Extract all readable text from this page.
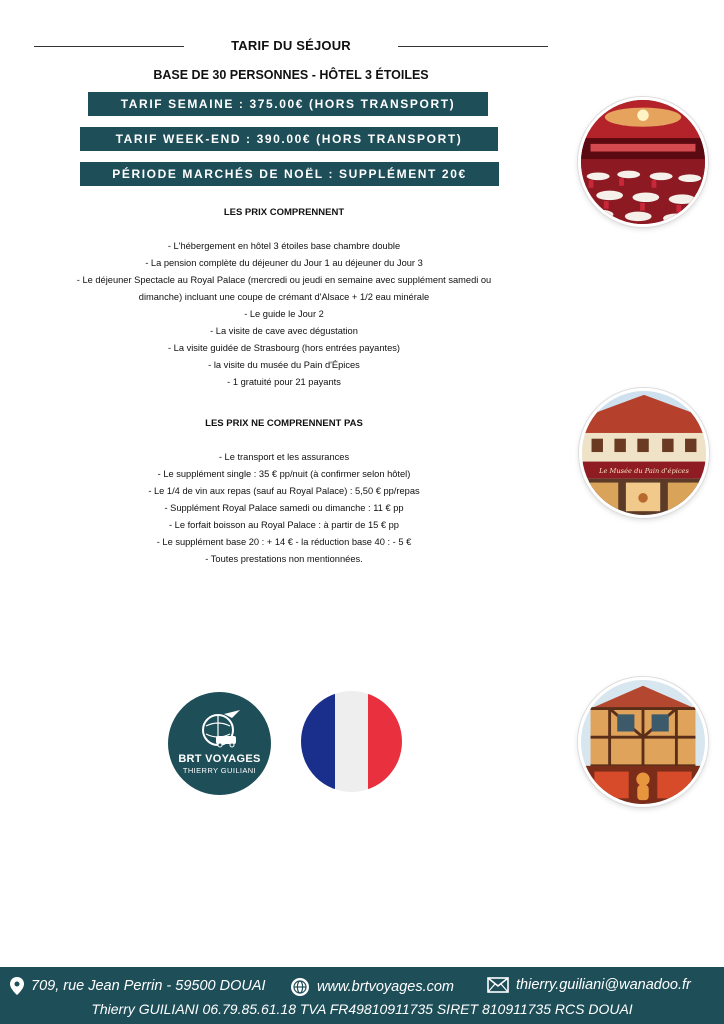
TARIF DU SÉJOUR
BASE DE 30 PERSONNES - HÔTEL 3 ÉTOILES
TARIF SEMAINE : 375.00€ (HORS TRANSPORT)
TARIF WEEK-END : 390.00€ (HORS TRANSPORT)
PÉRIODE MARCHÉS DE NOËL : SUPPLÉMENT 20€
LES PRIX COMPRENNENT
- L'hébergement en hôtel 3 étoiles base chambre double
- La pension complète du déjeuner du Jour 1 au déjeuner du Jour 3
- Le déjeuner Spectacle au Royal Palace (mercredi ou jeudi en semaine avec supplément samedi ou
dimanche) incluant une coupe de crémant d'Alsace + 1/2 eau minérale
- Le guide le Jour 2
- La visite de cave avec dégustation
- La visite guidée de Strasbourg (hors entrées payantes)
- la visite du musée du Pain d'Épices
- 1 gratuité pour 21 payants
LES PRIX NE COMPRENNENT PAS
- Le transport et les assurances
- Le supplément single : 35 € pp/nuit (à confirmer selon hôtel)
- Le 1/4 de vin aux repas (sauf au Royal Palace) : 5,50 € pp/repas
- Supplément Royal Palace samedi ou dimanche : 11 € pp
- Le forfait boisson au Royal Palace : à partir de 15 € pp
- Le supplément base 20 : + 14 € - la réduction base 40 : - 5 €
- Toutes prestations non mentionnées.
Le Musée du Pain d'épices
BRT VOYAGES
THIERRY GUILIANI
709, rue Jean Perrin - 59500 DOUAI	www.brtvoyages.com	thierry.guiliani@wanadoo.fr
Thierry GUILIANI 06.79.85.61.18 TVA FR49810911735 SIRET 810911735 RCS DOUAI
